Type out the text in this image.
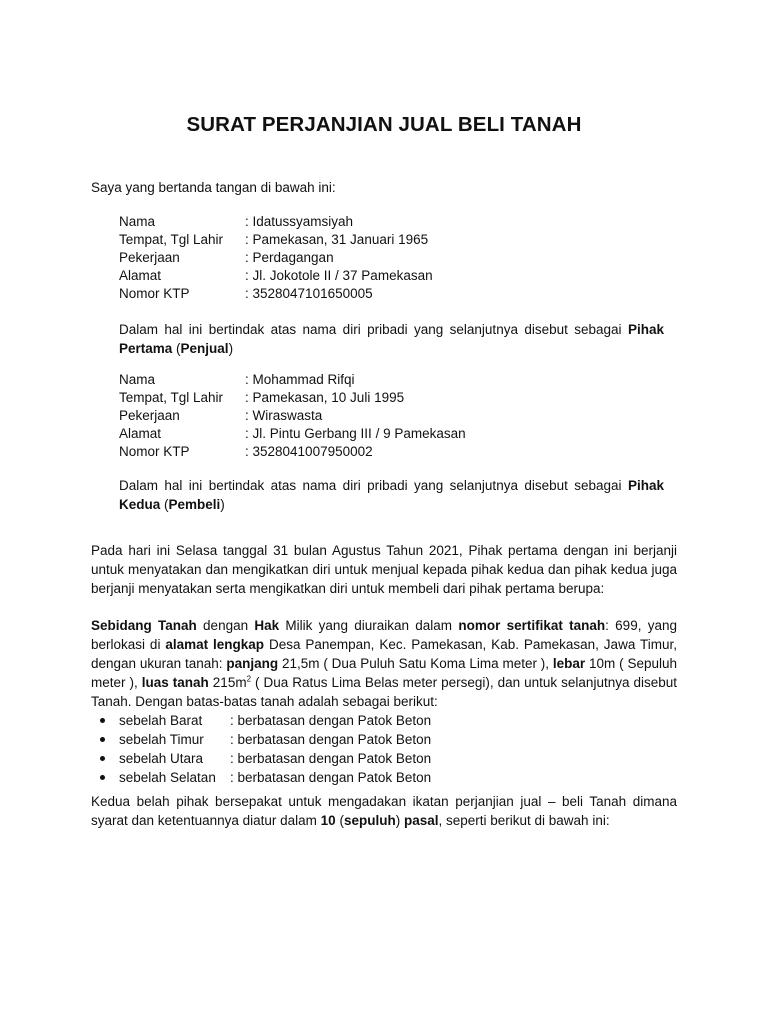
SURAT PERJANJIAN JUAL BELI TANAH
Saya yang bertanda tangan di bawah ini:
Nama	: Idatussyamsiyah
Tempat, Tgl Lahir : Pamekasan, 31 Januari 1965
Pekerjaan	: Perdagangan
Alamat	: Jl. Jokotole II / 37 Pamekasan
Nomor KTP	: 3528047101650005
Dalam hal ini bertindak atas nama diri pribadi yang selanjutnya disebut sebagai Pihak Pertama (Penjual)
Nama	: Mohammad Rifqi
Tempat, Tgl Lahir : Pamekasan, 10 Juli 1995
Pekerjaan	: Wiraswasta
Alamat	: Jl. Pintu Gerbang III / 9 Pamekasan
Nomor KTP	: 3528041007950002
Dalam hal ini bertindak atas nama diri pribadi yang selanjutnya disebut sebagai Pihak Kedua (Pembeli)
Pada hari ini Selasa tanggal 31 bulan Agustus Tahun 2021, Pihak pertama dengan ini berjanji untuk menyatakan dan mengikatkan diri untuk menjual kepada pihak kedua dan pihak kedua juga berjanji menyatakan serta mengikatkan diri untuk membeli dari pihak pertama berupa:
Sebidang Tanah dengan Hak Milik yang diuraikan dalam nomor sertifikat tanah: 699, yang berlokasi di alamat lengkap Desa Panempan, Kec. Pamekasan, Kab. Pamekasan, Jawa Timur, dengan ukuran tanah: panjang 21,5m ( Dua Puluh Satu Koma Lima meter ), lebar 10m ( Sepuluh meter ), luas tanah $215m^2$ ( Dua Ratus Lima Belas meter persegi), dan untuk selanjutnya disebut Tanah. Dengan batas-batas tanah adalah sebagai berikut:
sebelah Barat : berbatasan dengan Patok Beton
sebelah Timur : berbatasan dengan Patok Beton
sebelah Utara : berbatasan dengan Patok Beton
sebelah Selatan : berbatasan dengan Patok Beton
Kedua belah pihak bersepakat untuk mengadakan ikatan perjanjian jual – beli Tanah dimana syarat dan ketentuannya diatur dalam 10 (sepuluh) pasal, seperti berikut di bawah ini:
